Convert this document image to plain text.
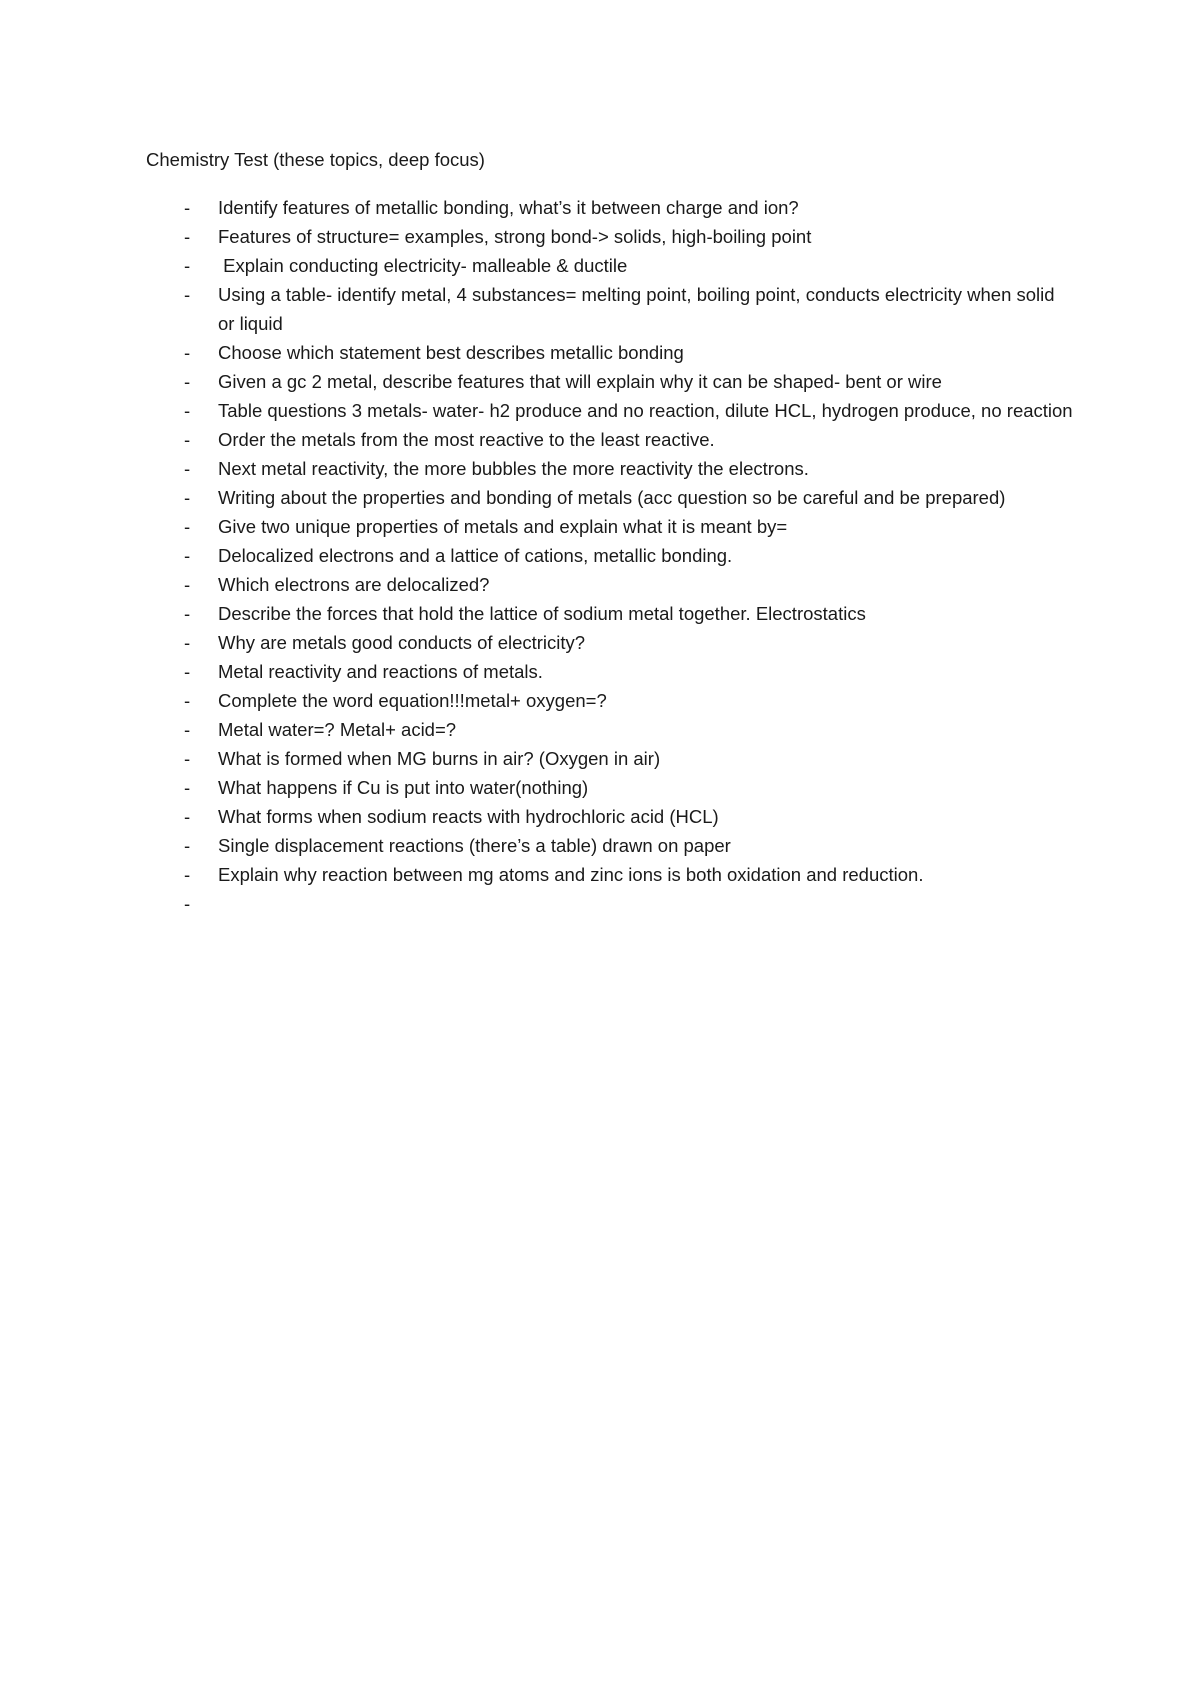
Chemistry Test (these topics, deep focus)
-	Identify features of metallic bonding, what’s it between charge and ion?
-	Features of structure= examples, strong bond-> solids, high-boiling point
-	Explain conducting electricity- malleable & ductile
-	Using a table- identify metal, 4 substances= melting point, boiling point, conducts electricity when solid or liquid
-	Choose which statement best describes metallic bonding
-	Given a gc 2 metal, describe features that will explain why it can be shaped- bent or wire
-	Table questions 3 metals- water- h2 produce and no reaction, dilute HCL, hydrogen produce, no reaction
-	Order the metals from the most reactive to the least reactive.
-	Next metal reactivity, the more bubbles the more reactivity the electrons.
-	Writing about the properties and bonding of metals (acc question so be careful and be prepared)
-	Give two unique properties of metals and explain what it is meant by=
-	Delocalized electrons and a lattice of cations, metallic bonding.
-	Which electrons are delocalized?
-	Describe the forces that hold the lattice of sodium metal together. Electrostatics
-	Why are metals good conducts of electricity?
-	Metal reactivity and reactions of metals.
-	Complete the word equation!!!metal+ oxygen=?
-	Metal water=? Metal+ acid=?
-	What is formed when MG burns in air? (Oxygen in air)
-	What happens if Cu is put into water(nothing)
-	What forms when sodium reacts with hydrochloric acid (HCL)
-	Single displacement reactions (there’s a table) drawn on paper
-	Explain why reaction between mg atoms and zinc ions is both oxidation and reduction.
-
